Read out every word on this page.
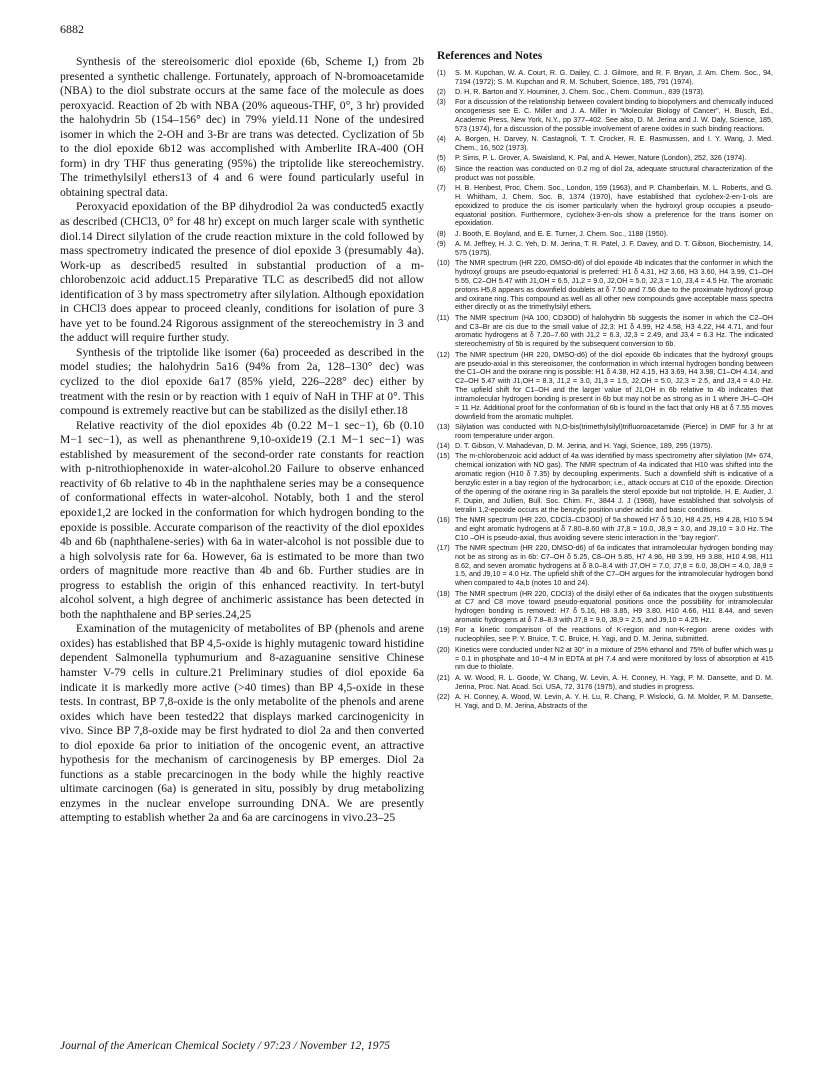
6882

Synthesis of the stereoisomeric diol epoxide (6b, Scheme I,) from 2b presented a synthetic challenge. Fortunately, approach of N-bromoacetamide (NBA) to the diol substrate occurs at the same face of the molecule as does peroxyacid. Reaction of 2b with NBA (20% aqueous-THF, 0°, 3 hr) provided the halohydrin 5b (154–156° dec) in 79% yield.11 None of the undesired isomer in which the 2-OH and 3-Br are trans was detected. Cyclization of 5b to the diol epoxide 6b12 was accomplished with Amberlite IRA-400 (OH form) in dry THF thus generating (95%) the triptolide like stereochemistry. The trimethylsilyl ethers13 of 4 and 6 were found particularly useful in obtaining spectral data.

Peroxyacid epoxidation of the BP dihydrodiol 2a was conducted5 exactly as described (CHCl3, 0° for 48 hr) except on much larger scale with synthetic diol.14 Direct silylation of the crude reaction mixture in the cold followed by mass spectrometry indicated the presence of diol epoxide 3 (presumably 4a). Work-up as described5 resulted in substantial production of a m-chlorobenzoic acid adduct.15 Preparative TLC as described5 did not allow identification of 3 by mass spectrometry after silylation. Although epoxidation in CHCl3 does appear to proceed cleanly, conditions for isolation of pure 3 have yet to be found.24 Rigorous assignment of the stereochemistry in 3 and the adduct will require further study.

Synthesis of the triptolide like isomer (6a) proceeded as described in the model studies; the halohydrin 5a16 (94% from 2a, 128–130° dec) was cyclized to the diol epoxide 6a17 (85% yield, 226–228° dec) either by treatment with the resin or by reaction with 1 equiv of NaH in THF at 0°. This compound is extremely reactive but can be stabilized as the disilyl ether.18

Relative reactivity of the diol epoxides 4b (0.22 M−1 sec−1), 6b (0.10 M−1 sec−1), as well as phenanthrene 9,10-oxide19 (2.1 M−1 sec−1) was established by measurement of the second-order rate constants for reaction with p-nitrothiophenoxide in water-alcohol.20 Failure to observe enhanced reactivity of 6b relative to 4b in the naphthalene series may be a consequence of conformational effects in water-alcohol. Notably, both 1 and the sterol epoxide1,2 are locked in the conformation for which hydrogen bonding to the epoxide is possible. Accurate comparison of the reactivity of the diol epoxides 4b and 6b (naphthalene-series) with 6a in water-alcohol is not possible due to a high solvolysis rate for 6a. However, 6a is estimated to be more than two orders of magnitude more reactive than 4b and 6b. Further studies are in progress to establish the origin of this enhanced reactivity. In tert-butyl alcohol solvent, a high degree of anchimeric assistance has been detected in both the naphthalene and BP series.24,25

Examination of the mutagenicity of metabolites of BP (phenols and arene oxides) has established that BP 4,5-oxide is highly mutagenic toward histidine dependent Salmonella typhumurium and 8-azaguanine sensitive Chinese hamster V-79 cells in culture.21 Preliminary studies of diol epoxide 6a indicate it is markedly more active (>40 times) than BP 4,5-oxide in these tests. In contrast, BP 7,8-oxide is the only metabolite of the phenols and arene oxides which have been tested22 that displays marked carcinogenicity in vivo. Since BP 7,8-oxide may be first hydrated to diol 2a and then converted to diol epoxide 6a prior to initiation of the oncogenic event, an attractive hypothesis for the mechanism of carcinogenesis by BP emerges. Diol 2a functions as a stable precarcinogen in the body while the highly reactive ultimate carcinogen (6a) is generated in situ, possibly by drug metabolizing enzymes in the nuclear envelope surrounding DNA. We are presently attempting to establish whether 2a and 6a are carcinogens in vivo.23–25

References and Notes
(1)	S. M. Kupchan, W. A. Court, R. G. Dailey, C. J. Gilmore, and R. F. Bryan, J. Am. Chem. Soc., 94, 7194 (1972); S. M. Kupchan and R. M. Schubert, Science, 185, 791 (1974).
(2)	D. H. R. Barton and Y. Houminer, J. Chem. Soc., Chem. Commun., 839 (1973).
(3)	For a discussion of the relationship between covalent binding to biopolymers and chemically induced oncogenesis see E. C. Miller and J. A. Miller in "Molecular Biology of Cancer", H. Busch, Ed., Academic Press, New York, N.Y., pp 377–402. See also, D. M. Jerina and J. W. Daly, Science, 185, 573 (1974), for a discussion of the possible involvement of arene oxides in such binding reactions.
(4)	A. Borgen, H. Darvey, N. Castagnoli, T. T. Crocker, R. E. Rasmussen, and I. Y. Wang, J. Med. Chem., 16, 502 (1973).
(5)	P. Sims, P. L. Grover, A. Swaisland, K. Pal, and A. Hewer, Nature (London), 252, 326 (1974).
(6)	Since the reaction was conducted on 0.2 mg of diol 2a, adequate structural characterization of the product was not possible.
(7)	H. B. Henbest, Proc. Chem. Soc., London, 159 (1963), and P. Chamberlain, M. L. Roberts, and G. H. Whitham, J. Chem. Soc. B, 1374 (1970), have established that cyclohex-2-en-1-ols are epoxidized to produce the cis isomer particularly when the hydroxyl group occupies a pseudo-equatorial position. Furthermore, cyclohex-3-en-ols show a preference for the trans isomer on epoxidation.
(8)	J. Booth, E. Boyland, and E. E. Turner, J. Chem. Soc., 1188 (1950).
(9)	A. M. Jeffrey, H. J. C. Yeh, D. M. Jerina, T. R. Patel, J. F. Davey, and D. T. Gibson, Biochemistry, 14, 575 (1975).
(10) The NMR spectrum (HR 220, DMSO-d6) of diol epoxide 4b indicates that the conformer in which the hydroxyl groups are pseudo-equatorial is preferred: H1 δ 4.31, H2 3.66, H3 3.60, H4 3.99, C1–OH 5.55, C2–OH 5.47 with J1,OH = 6.5, J1,2 = 9.0, J2,OH = 5.0, J2,3 = 1.0, J3,4 = 4.5 Hz. The aromatic protons H5,8 appears as downfield doublets at δ 7.50 and 7.56 due to the proximate hydroxyl group and oxirane ring. This compound as well as all other new compounds gave acceptable mass spectra either directly or as the trimethylsilyl ethers.
(11) The NMR spectrum (HA 100, CD3OD) of halohydrin 5b suggests the isomer in which the C2–OH and C3–Br are cis due to the small value of J2,3: H1 δ 4.99, H2 4.58, H3 4.22, H4 4.71, and four aromatic hydrogens at δ 7.20–7.60 with J1,2 = 6.3, J2,3 = 2.49, and J3,4 = 6.3 Hz. The indicated stereochemistry of 5b is required by the subsequent conversion to 6b.
(12) The NMR spectrum (HR 220, DMSO-d6) of the diol epoxide 6b indicates that the hydroxyl groups are pseudo-axial in this stereoisomer, the conformation in which internal hydrogen bonding between the C1–OH and the oxirane ring is possible: H1 δ 4.38, H2 4.15, H3 3.69, H4 3.98, C1–OH 4.14, and C2–OH 5.47 with J1,OH = 8.3, J1,2 = 3.0, J1,3 = 1.5, J2,OH = 5.0, J2,3 = 2.5, and J3,4 = 4.0 Hz. The upfield shift for C1–OH and the larger value of J1,OH in 6b relative to 4b indicates that intramolecular hydrogen bonding is present in 6b but may not be as strong as in 1 where JH–C–OH = 11 Hz. Additional proof for the conformation of 6b is found in the fact that only H8 at δ 7.55 moves downfield from the aromatic multiplet.
(13) Silylation was conducted with N,O-bis(trimethylsilyl)trifluoroacetamide (Pierce) in DMF for 3 hr at room temperature under argon.
(14) D. T. Gibson, V. Mahadevan, D. M. Jerina, and H. Yagi, Science, 189, 295 (1975).
(15) The m-chlorobenzoic acid adduct of 4a was identified by mass spectrometry after silylation (M+ 674, chemical ionization with NO gas). The NMR spectrum of 4a indicated that H10 was shifted into the aromatic region (H10 δ 7.35) by decoupling experiments. Such a downfield shift is indicative of a benzylic ester in a bay region of the hydrocarbon; i.e., attack occurs at C10 of the epoxide. Direction of the opening of the oxirane ring in 3a parallels the sterol epoxide but not triptolide. H. E. Audier, J. F. Dupin, and Jullien, Bull. Soc. Chim. Fr., 3844 J. J (1968), have established that solvolysis of tetralin 1,2-epoxide occurs at the benzylic position under acidic and basic conditions.
(16) The NMR spectrum (HR 220, CDCl3–CD3OD) of 5a showed H7 δ 5.10, H8 4.25, H9 4.28, H10 5.94 and eight aromatic hydrogens at δ 7.80–8.60 with J7,8 = 10.0, J8,9 = 3.0, and J9,10 = 3.0 Hz. The C10 –OH is pseudo-axial, thus avoiding severe steric interaction in the "bay region".
(17) The NMR spectrum (HR 220, DMSO-d6) of 6a indicates that intramolecular hydrogen bonding may not be as strong as in 6b: C7–OH δ 5.25, C8–OH 5.85, H7 4.96, H8 3.99, H9 3.88, H10 4.98, H11 8.62, and seven aromatic hydrogens at δ 8.0–8.4 with J7,OH = 7.0, J7,8 = 6.0, J8,OH = 4.0, J8,9 = 1.5, and J9,10 = 4.0 Hz. The upfield shift of the C7–OH argues for the intramolecular hydrogen bond when compared to 4a,b (notes 10 and 24).
(18) The NMR spectrum (HR 220, CDCl3) of the disilyl ether of 6a indicates that the oxygen substituents at C7 and C8 move toward pseudo-equatorial positions once the possibility for intramolecular hydrogen bonding is removed: H7 δ 5.16, H8 3.85, H9 3.80, H10 4.66, H11 8.44, and seven aromatic hydrogens at δ 7.8–8.3 with J7,8 = 9.0, J8,9 = 2.5, and J9,10 = 4.25 Hz.
(19) For a kinetic comparison of the reactions of K-region and non-K-region arene oxides with nucleophiles, see P. Y. Bruice, T. C. Bruice, H. Yagi, and D. M. Jerina, submitted.
(20) Kinetics were conducted under N2 at 30° in a mixture of 25% ethanol and 75% of buffer which was μ = 0.1 in phosphate and 10−4 M in EDTA at pH 7.4 and were monitored by loss of absorption at 415 nm due to thiolate.
(21) A. W. Wood, R. L. Goode, W. Chang, W. Levin, A. H. Conney, H. Yagi, P. M. Dansette, and D. M. Jerina, Proc. Nat. Acad. Sci. USA, 72, 3176 (1975), and studies in progress.
(22) A. H. Conney, A. Wood, W. Levin, A. Y. H. Lu, R. Chang, P. Wislocki, G. M. Molder, P. M. Dansette, H. Yagi, and D. M. Jerina, Abstracts of the
Journal of the American Chemical Society / 97:23 / November 12, 1975
